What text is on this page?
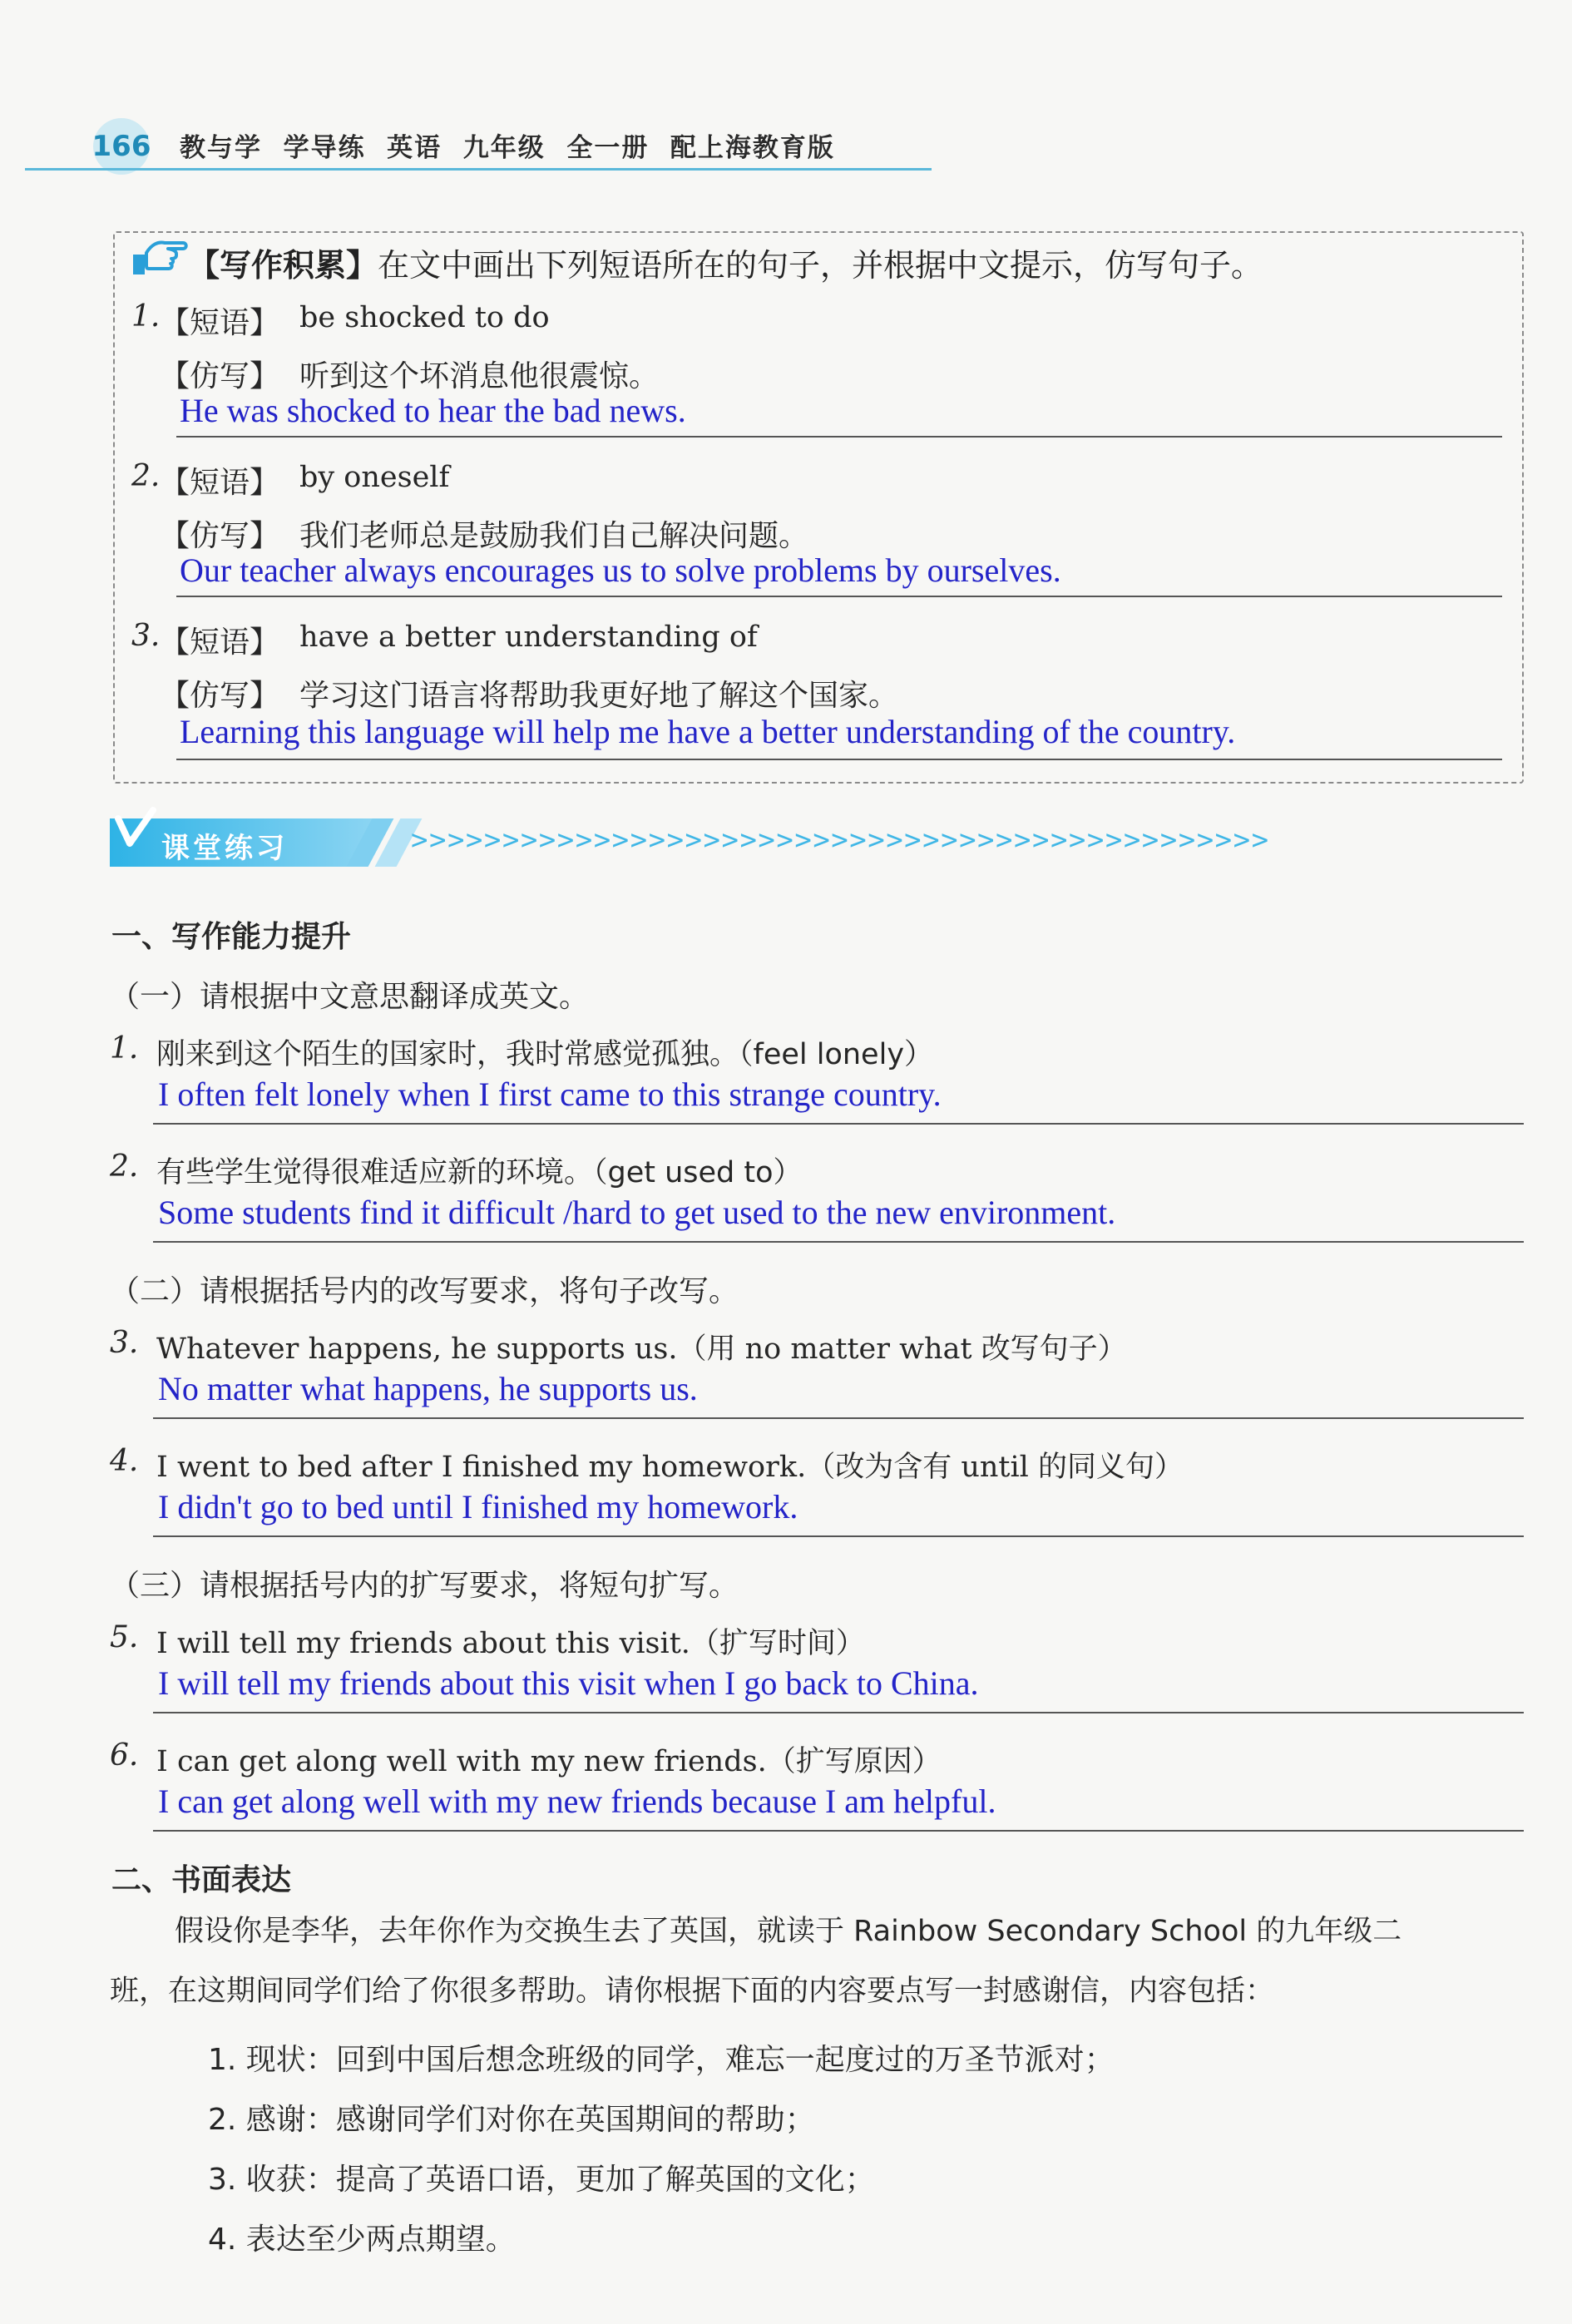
166 教与学  学导练  英语  九年级  全一册  配上海教育版
【写作积累】在文中画出下列短语所在的句子，并根据中文提示，仿写句子。
1. 【短语】 be shocked to do
【仿写】 听到这个坏消息他很震惊。
He was shocked to hear the bad news.
2. 【短语】 by oneself
【仿写】 我们老师总是鼓励我们自己解决问题。
Our teacher always encourages us to solve problems by ourselves.
3. 【短语】 have a better understanding of
【仿写】 学习这门语言将帮助我更好地了解这个国家。
Learning this language will help me have a better understanding of the country.
课堂练习	>>>>>>>>>>>>>>>>>>>>>>>>>>>>>>>>>>>>>>>>>>>>>>>
一、写作能力提升
（一）请根据中文意思翻译成英文。
1. 刚来到这个陌生的国家时，我时常感觉孤独。（feel lonely）
I often felt lonely when I first came to this strange country.
2. 有些学生觉得很难适应新的环境。（get used to）
Some students find it difficult /hard to get used to the new environment.
（二）请根据括号内的改写要求，将句子改写。
3. Whatever happens, he supports us.（用 no matter what 改写句子）
No matter what happens, he supports us.
4. I went to bed after I finished my homework.（改为含有 until 的同义句）
I didn't go to bed until I finished my homework.
（三）请根据括号内的扩写要求，将短句扩写。
5. I will tell my friends about this visit.（扩写时间）
I will tell my friends about this visit when I go back to China.
6. I can get along well with my new friends.（扩写原因）
I can get along well with my new friends because I am helpful.
二、书面表达
假设你是李华，去年你作为交换生去了英国，就读于 Rainbow Secondary School 的九年级二
班，在这期间同学们给了你很多帮助。请你根据下面的内容要点写一封感谢信，内容包括：
1. 现状：回到中国后想念班级的同学，难忘一起度过的万圣节派对；
2. 感谢：感谢同学们对你在英国期间的帮助；
3. 收获：提高了英语口语，更加了解英国的文化；
4. 表达至少两点期望。
